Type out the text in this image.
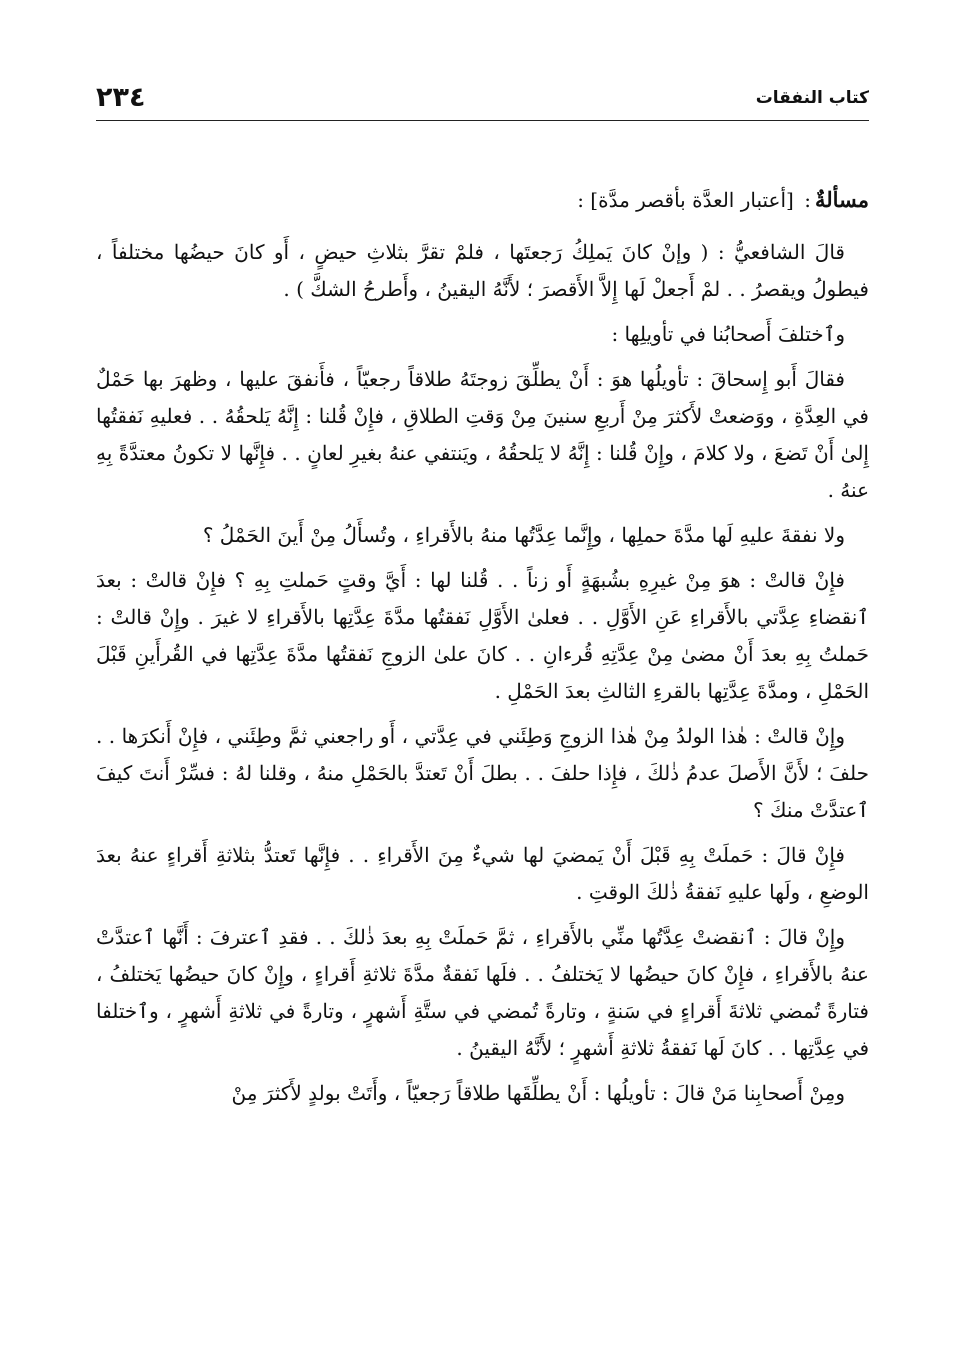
٢٣٤	كتاب النفقات

مسألةٌ: [أعتبار العدَّة بأقصر مدَّة] :

قالَ الشافعيُّ : ( وإنْ كانَ يَملِكُ رَجعتَها ، فلمْ تقرَّ بثلاثِ حيضٍ ، أَو كانَ حيضُها مختلفاً ، فيطولُ ويقصرُ . . لمْ أَجعلْ لَها إِلاَّ الأَقصرَ ؛ لأَنَّهُ اليقينُ ، وأَطرحُ الشكَّ ) .

وٱختلفَ أَصحابُنا في تأويلِها :

فقالَ أَبو إِسحاقَ : تأويلُها هوَ : أَنْ يطلِّقَ زوجتَهُ طلاقاً رجعيّاً ، فأَنفقَ عليها ، وظهرَ بها حَمْلٌ في العِدَّةِ ، ووَضعتْ لأَكثرَ مِنْ أَربعِ سنينَ مِنْ وَقتِ الطلاقِ ، فإِنْ قُلنا : إِنَّهُ يَلحقُهُ . . فعليهِ نَفقتُها إِلىٰ أَنْ تَضعَ ، ولا كلامَ ، وإِنْ قُلنا : إِنَّهُ لا يَلحقُهُ ، ويَنتفي عنهُ بغيرِ لعانٍ . . فإِنَّها لا تكونُ معتدَّةً بِهِ عنهُ .

ولا نفقةَ عليهِ لَها مدَّةَ حملِها ، وإِنَّما عِدَّتُها منهُ بالأَقراءِ ، وتُسأَلُ مِنْ أَينَ الحَمْلُ ؟

فإِنْ قالتْ : هوَ مِنْ غيرِهِ بشُبهَةٍ أَو زناً . . قُلنا لها : أَيَّ وقتٍ حَملتِ بِهِ ؟ فإِنْ قالتْ : بعدَ ٱنقضاءِ عِدَّتي بالأَقراءِ عَنِ الأَوَّلِ . . فعلىٰ الأَوَّلِ نَفقتُها مدَّةَ عِدَّتِها بالأَقراءِ لا غيرَ . وإِنْ قالتْ : حَملتُ بِهِ بعدَ أَنْ مضىٰ مِنْ عِدَّتِهِ قُرءانِ . . كانَ علىٰ الزوجِ نَفقتُها مدَّةَ عِدَّتِها في القُرأَينِ قَبْلَ الحَمْلِ ، ومدَّةَ عِدَّتِها بالقرءِ الثالثِ بعدَ الحَمْلِ .

وإِنْ قالتْ : هٰذا الولدُ مِنْ هٰذا الزوجِ وَطِئَني في عِدَّتي ، أَو راجعني ثمَّ وطِئَني ، فإِنْ أَنكرَها . . حلفَ ؛ لأَنَّ الأَصلَ عدمُ ذٰلكَ ، فإِذا حلفَ . . بطلَ أَنْ تَعتدَّ بالحَمْلِ منهُ ، وقلنا لهُ : فسِّرْ أَنتَ كيفَ ٱعتدَّتْ منكَ ؟

فإِنْ قالَ : حَملَتْ بِهِ قَبْلَ أَنْ يَمضيَ لها شيءٌ مِنَ الأَقراءِ . . فإِنَّها تَعتدُّ بثلاثةِ أَقراءٍ عنهُ بعدَ الوضعِ ، ولَها عليهِ نَفقةُ ذٰلكَ الوقتِ .

وإِنْ قالَ : ٱنقضتْ عِدَّتُها منِّي بالأَقراءِ ، ثمَّ حَملَتْ بِهِ بعدَ ذٰلكَ . . فقدِ ٱعترفَ : أَنَّها ٱعتدَّتْ عنهُ بالأَقراءِ ، فإِنْ كانَ حيضُها لا يَختلفُ . . فلَها نَفقةٌ مدَّةَ ثلاثةِ أَقراءٍ ، وإِنْ كانَ حيضُها يَختلفُ ، فتارةً تُمضي ثلاثةَ أَقراءٍ في سَنةٍ ، وتارةً تُمضي في ستَّةِ أَشهرٍ ، وتارةً في ثلاثةِ أَشهرٍ ، وٱختلفا في عِدَّتِها . . كانَ لَها نَفقةُ ثلاثةِ أَشهرٍ ؛ لأَنَّهُ اليقينُ .

ومِنْ أَصحابِنا مَنْ قالَ : تأويلُها : أَنْ يطلِّقَها طلاقاً رَجعيّاً ، وأَتَتْ بولدٍ لأَكثرَ مِنْ
